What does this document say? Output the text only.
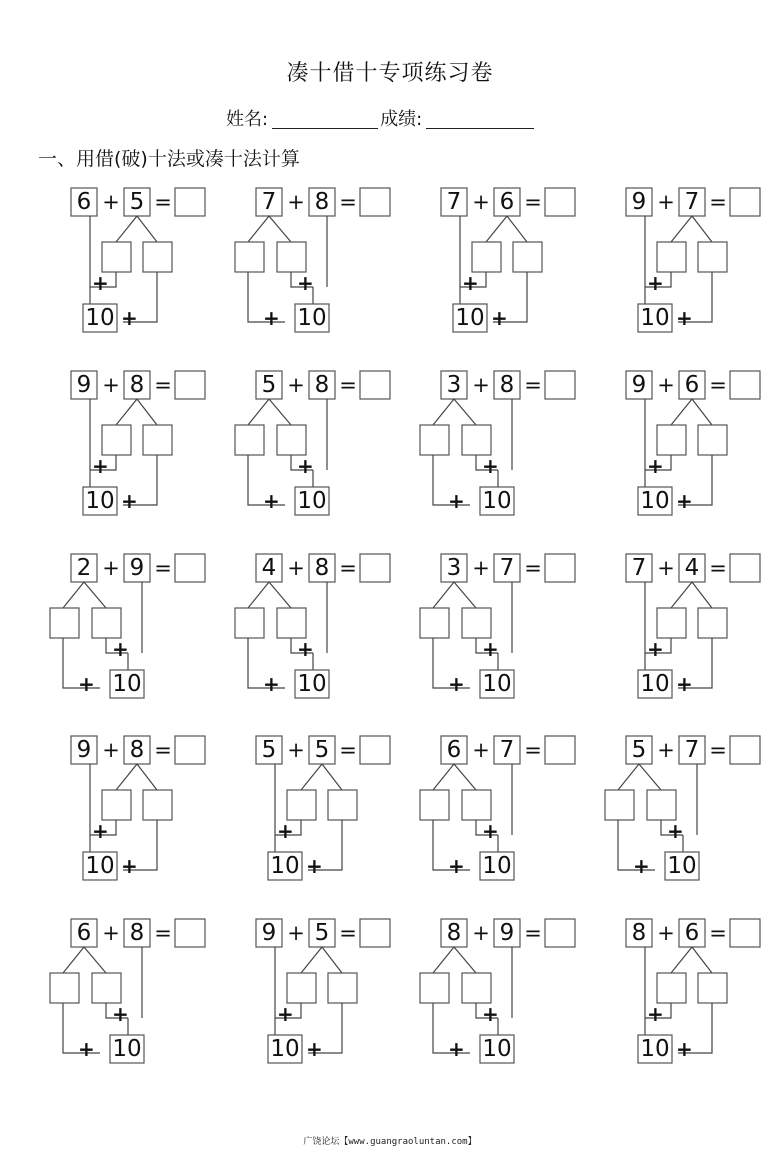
凑十借十专项练习卷
姓名:	成绩:
一、用借(破)十法或凑十法计算
6 + 5 =
10
+
+
7 + 8 =
10
+
+
7 + 6 =
10
+
+
9 + 7 =
10
+
+
9 + 8 =
10
+
+
5 + 8 =
10
+
+
3 + 8 =
10
+
+
9 + 6 =
10
+
+
2 + 9 =
10
+
+
4 + 8 =
10
+
+
3 + 7 =
10
+
+
7 + 4 =
10
+
+
9 + 8 =
10
+
+
5 + 5 =
10
+
+
6 + 7 =
10
+
+
5 + 7 =
10
+
+
6 + 8 =
10
+
+
9 + 5 =
10
+
+
8 + 9 =
10
+
+
8 + 6 =
10
+
+
广饶论坛【www.guangraoluntan.com】
